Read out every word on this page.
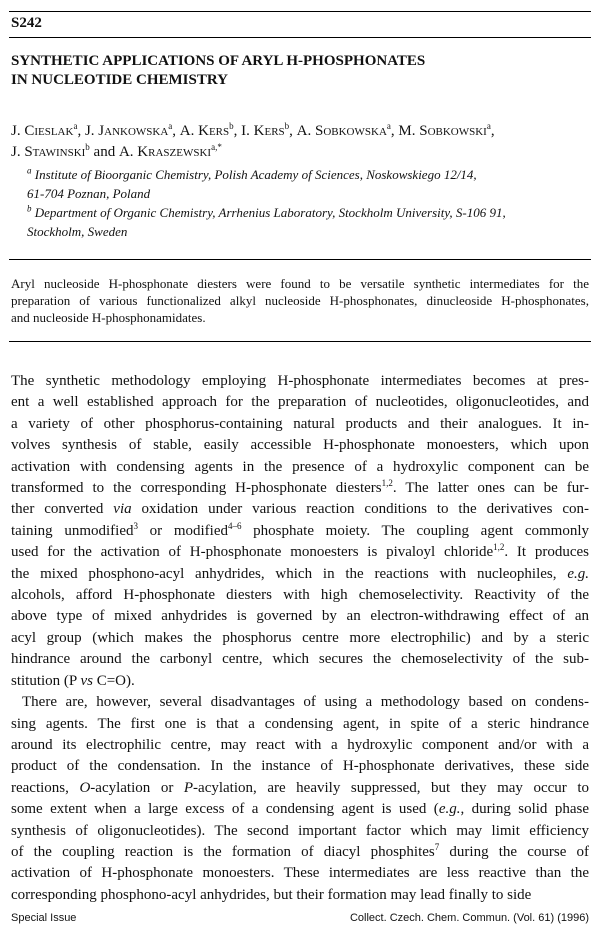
S242
SYNTHETIC APPLICATIONS OF ARYL H-PHOSPHONATES
IN NUCLEOTIDE CHEMISTRY
J. Cieslak$^a$, J. Jankowska$^a$, A. Kers$^b$, I. Kers$^b$, A. Sobkowska$^a$, M. Sobkowski$^a$,
J. Stawinski$^b$ and A. Kraszewski$^{a,*}$
$^a$ Institute of Bioorganic Chemistry, Polish Academy of Sciences, Noskowskiego 12/14,
61-704 Poznan, Poland
$^b$ Department of Organic Chemistry, Arrhenius Laboratory, Stockholm University, S-106 91,
Stockholm, Sweden
Aryl nucleoside H-phosphonate diesters were found to be versatile synthetic intermediates for the
preparation of various functionalized alkyl nucleoside H-phosphonates, dinucleoside H-phosphonates,
and nucleoside H-phosphonamidates.
The synthetic methodology employing H-phosphonate intermediates becomes at pres-
ent a well established approach for the preparation of nucleotides, oligonucleotides, and
a variety of other phosphorus-containing natural products and their analogues. It in-
volves synthesis of stable, easily accessible H-phosphonate monoesters, which upon
activation with condensing agents in the presence of a hydroxylic component can be
transformed to the corresponding H-phosphonate diesters$^{1,2}$. The latter ones can be fur-
ther converted via oxidation under various reaction conditions to the derivatives con-
taining unmodified$^3$ or modified$^{4-6}$ phosphate moiety. The coupling agent commonly
used for the activation of H-phosphonate monoesters is pivaloyl chloride$^{1,2}$. It produces
the mixed phosphono-acyl anhydrides, which in the reactions with nucleophiles, e.g.
alcohols, afford H-phosphonate diesters with high chemoselectivity. Reactivity of the
above type of mixed anhydrides is governed by an electron-withdrawing effect of an
acyl group (which makes the phosphorus centre more electrophilic) and by a steric
hindrance around the carbonyl centre, which secures the chemoselectivity of the sub-
stitution (P vs C=O).
There are, however, several disadvantages of using a methodology based on condens-
sing agents. The first one is that a condensing agent, in spite of a steric hindrance
around its electrophilic centre, may react with a hydroxylic component and/or with a
product of the condensation. In the instance of H-phosphonate derivatives, these side
reactions, O-acylation or P-acylation, are heavily suppressed, but they may occur to
some extent when a large excess of a condensing agent is used (e.g., during solid phase
synthesis of oligonucleotides). The second important factor which may limit efficiency
of the coupling reaction is the formation of diacyl phosphites$^7$ during the course of
activation of H-phosphonate monoesters. These intermediates are less reactive than the
corresponding phosphono-acyl anhydrides, but their formation may lead finally to side
Special Issue	Collect. Czech. Chem. Commun. (Vol. 61) (1996)
